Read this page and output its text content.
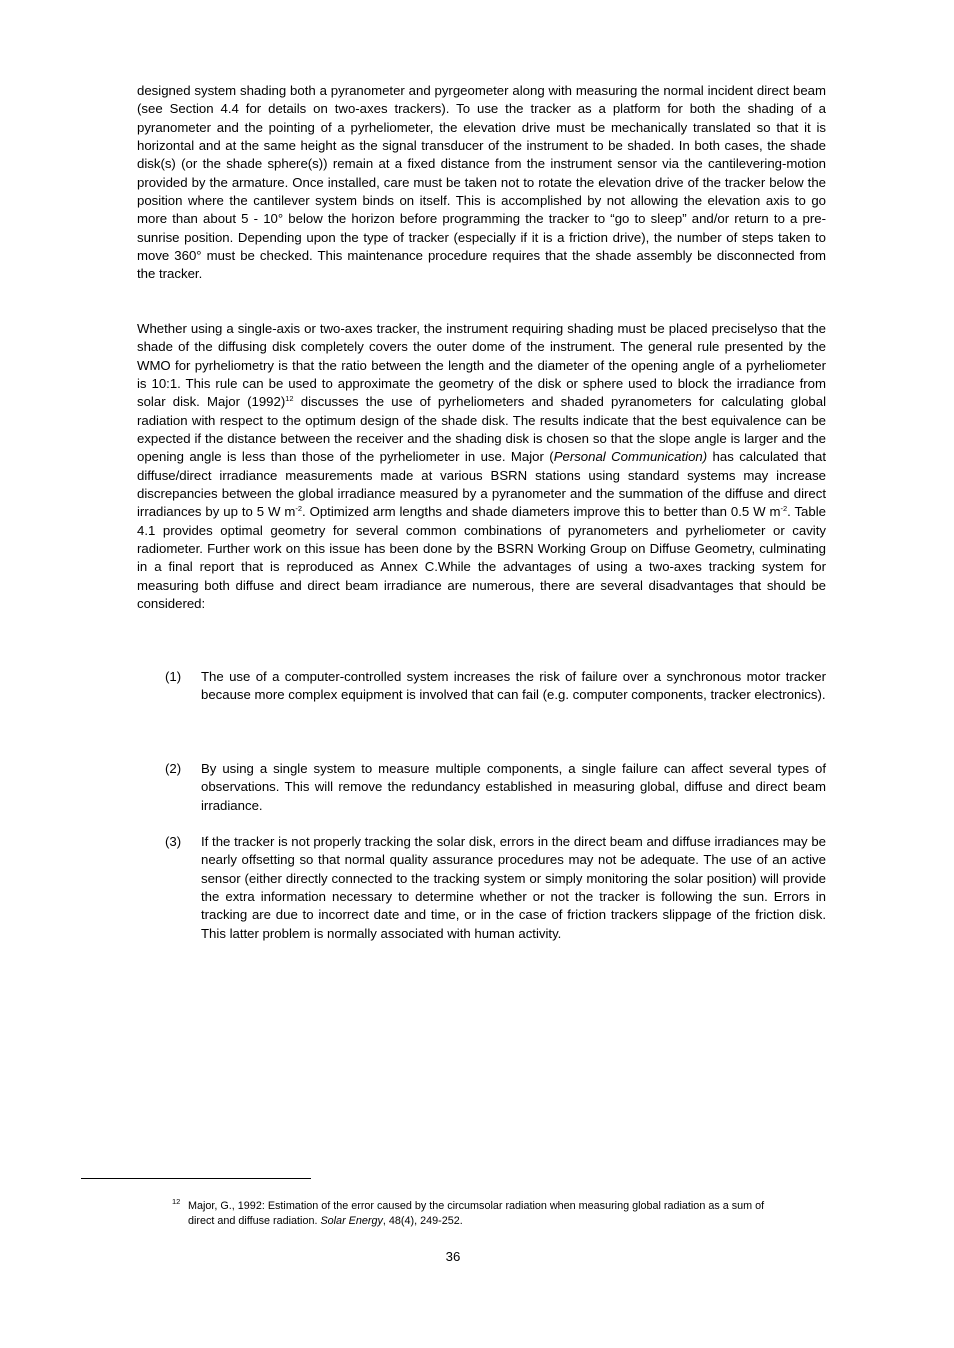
designed system shading both a pyranometer and pyrgeometer along with measuring the normal incident direct beam (see Section 4.4 for details on two-axes trackers). To use the tracker as a platform for both the shading of a pyranometer and the pointing of a pyrheliometer, the elevation drive must be mechanically translated so that it is horizontal and at the same height as the signal transducer of the instrument to be shaded. In both cases, the shade disk(s) (or the shade sphere(s)) remain at a fixed distance from the instrument sensor via the cantilevering-motion provided by the armature. Once installed, care must be taken not to rotate the elevation drive of the tracker below the position where the cantilever system binds on itself. This is accomplished by not allowing the elevation axis to go more than about 5 - 10° below the horizon before programming the tracker to “go to sleep” and/or return to a pre-sunrise position. Depending upon the type of tracker (especially if it is a friction drive), the number of steps taken to move 360° must be checked. This maintenance procedure requires that the shade assembly be disconnected from the tracker.

Whether using a single-axis or two-axes tracker, the instrument requiring shading must be placed preciselyso that the shade of the diffusing disk completely covers the outer dome of the instrument. The general rule presented by the WMO for pyrheliometry is that the ratio between the length and the diameter of the opening angle of a pyrheliometer is 10:1. This rule can be used to approximate the geometry of the disk or sphere used to block the irradiance from solar disk. Major $(1992)^{12}$ discusses the use of pyrheliometers and shaded pyranometers for calculating global radiation with respect to the optimum design of the shade disk. The results indicate that the best equivalence can be expected if the distance between the receiver and the shading disk is chosen so that the slope angle is larger and the opening angle is less than those of the pyrheliometer in use. Major (Personal Communication) has calculated that diffuse/direct irradiance measurements made at various BSRN stations using standard systems may increase discrepancies between the global irradiance measured by a pyranometer and the summation of the diffuse and direct irradiances by up to 5 W $m^{-2}$. Optimized arm lengths and shade diameters improve this to better than 0.5 W $m^{-2}$. Table 4.1 provides optimal geometry for several common combinations of pyranometers and pyrheliometer or cavity radiometer. Further work on this issue has been done by the BSRN Working Group on Diffuse Geometry, culminating in a final report that is reproduced as Annex C.While the advantages of using a two-axes tracking system for measuring both diffuse and direct beam irradiance are numerous, there are several disadvantages that should be considered:

(1)	The use of a computer-controlled system increases the risk of failure over a synchronous motor tracker because more complex equipment is involved that can fail (e.g. computer components, tracker electronics).
(2)	By using a single system to measure multiple components, a single failure can affect several types of observations. This will remove the redundancy established in measuring global, diffuse and direct beam irradiance.
(3)	If the tracker is not properly tracking the solar disk, errors in the direct beam and diffuse irradiances may be nearly offsetting so that normal quality assurance procedures may not be adequate. The use of an active sensor (either directly connected to the tracking system or simply monitoring the solar position) will provide the extra information necessary to determine whether or not the tracker is following the sun. Errors in tracking are due to incorrect date and time, or in the case of friction trackers slippage of the friction disk. This latter problem is normally associated with human activity.
12 Major, G., 1992: Estimation of the error caused by the circumsolar radiation when measuring global radiation as a sum of direct and diffuse radiation. Solar Energy, 48(4), 249-252.
36
